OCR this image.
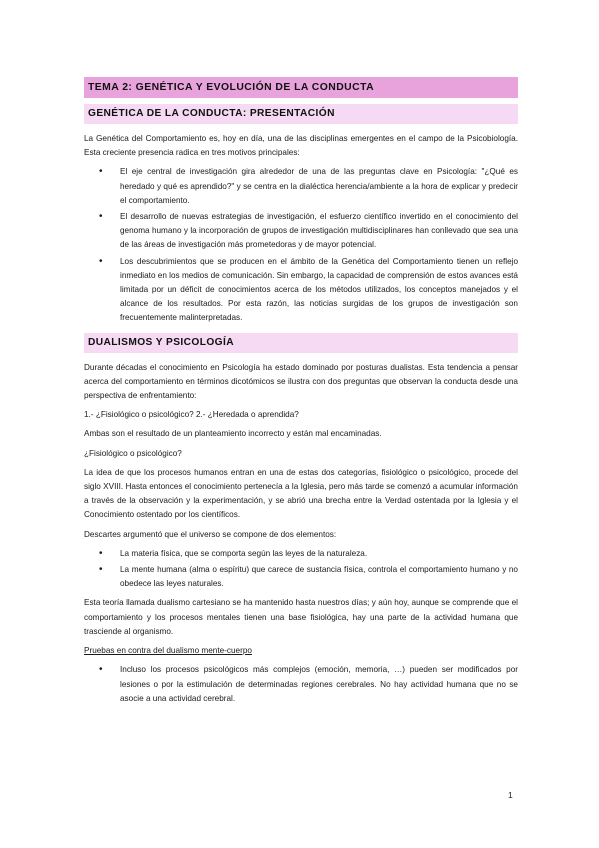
TEMA 2: GENÉTICA Y EVOLUCIÓN DE LA CONDUCTA
GENÉTICA DE LA CONDUCTA: PRESENTACIÓN

La Genética del Comportamiento es, hoy en día, una de las disciplinas emergentes en el campo de la Psicobiología. Esta creciente presencia radica en tres motivos principales:

• El eje central de investigación gira alrededor de una de las preguntas clave en Psicología: "¿Qué es heredado y qué es aprendido?" y se centra en la dialéctica herencia/ambiente a la hora de explicar y predecir el comportamiento.
• El desarrollo de nuevas estrategias de investigación, el esfuerzo científico invertido en el conocimiento del genoma humano y la incorporación de grupos de investigación multidisciplinares han conllevado que sea una de las áreas de investigación más prometedoras y de mayor potencial.
• Los descubrimientos que se producen en el ámbito de la Genética del Comportamiento tienen un reflejo inmediato en los medios de comunicación. Sin embargo, la capacidad de comprensión de estos avances está limitada por un déficit de conocimientos acerca de los métodos utilizados, los conceptos manejados y el alcance de los resultados. Por esta razón, las noticias surgidas de los grupos de investigación son frecuentemente malinterpretadas.
DUALISMOS Y PSICOLOGÍA

Durante décadas el conocimiento en Psicología ha estado dominado por posturas dualistas. Esta tendencia a pensar acerca del comportamiento en términos dicotómicos se ilustra con dos preguntas que observan la conducta desde una perspectiva de enfrentamiento:

1.- ¿Fisiológico o psicológico? 2.- ¿Heredada o aprendida?

Ambas son el resultado de un planteamiento incorrecto y están mal encaminadas.

¿Fisiológico o psicológico?

La idea de que los procesos humanos entran en una de estas dos categorías, fisiológico o psicológico, procede del siglo XVIII. Hasta entonces el conocimiento pertenecía a la Iglesia, pero más tarde se comenzó a acumular información a través de la observación y la experimentación, y se abrió una brecha entre la Verdad ostentada por la Iglesia y el Conocimiento ostentado por los científicos.

Descartes argumentó que el universo se compone de dos elementos:

• La materia física, que se comporta según las leyes de la naturaleza.
• La mente humana (alma o espíritu) que carece de sustancia física, controla el comportamiento humano y no obedece las leyes naturales.

Esta teoría llamada dualismo cartesiano se ha mantenido hasta nuestros días; y aún hoy, aunque se comprende que el comportamiento y los procesos mentales tienen una base fisiológica, hay una parte de la actividad humana que trasciende al organismo.

Pruebas en contra del dualismo mente-cuerpo

• Incluso los procesos psicológicos más complejos (emoción, memoria, …) pueden ser modificados por lesiones o por la estimulación de determinadas regiones cerebrales. No hay actividad humana que no se asocie a una actividad cerebral.
1
